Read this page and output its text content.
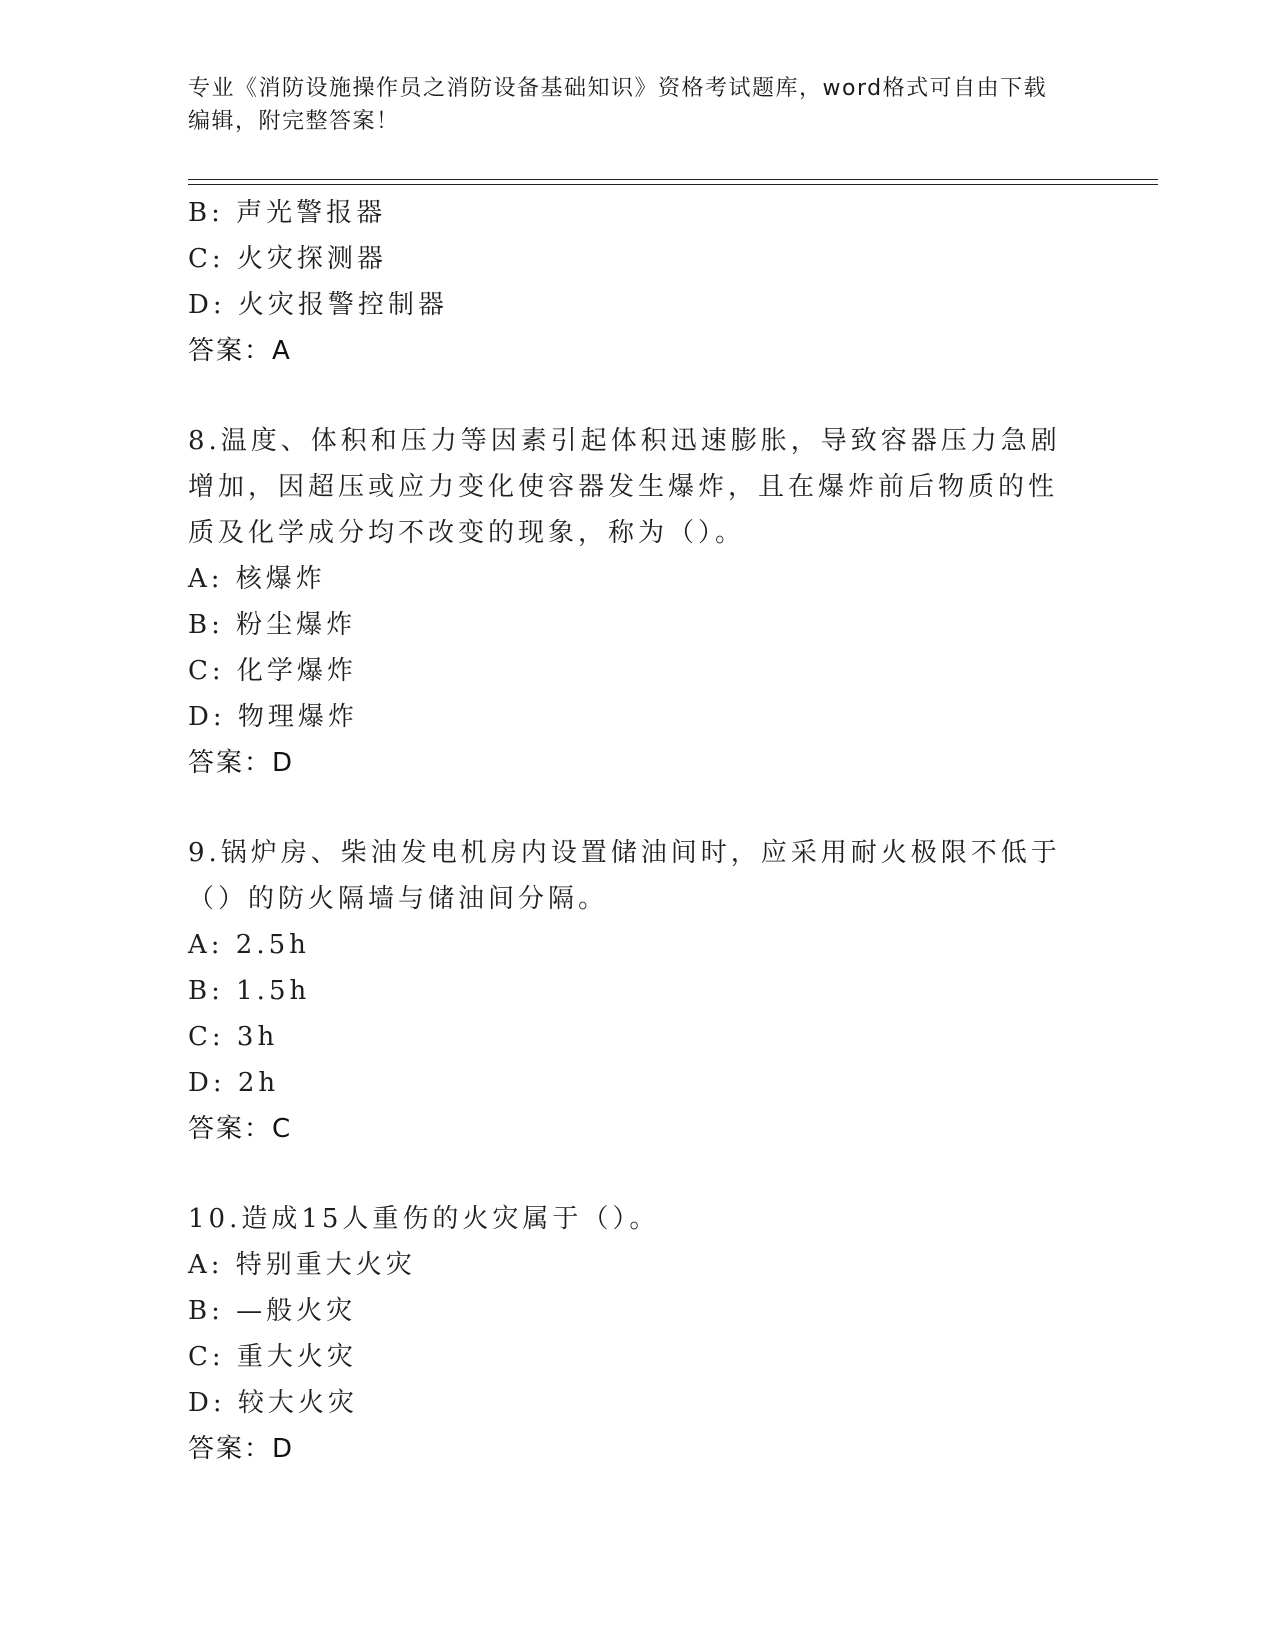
专业《消防设施操作员之消防设备基础知识》资格考试题库，word格式可自由下载编辑，附完整答案！

B: 声光警报器

C: 火灾探测器

D: 火灾报警控制器

答案：A

8.温度、体积和压力等因素引起体积迅速膨胀，导致容器压力急剧增加，因超压或应力变化使容器发生爆炸，且在爆炸前后物质的性质及化学成分均不改变的现象，称为（）。

A: 核爆炸

B: 粉尘爆炸

C: 化学爆炸

D: 物理爆炸

答案：D

9.锅炉房、柴油发电机房内设置储油间时，应采用耐火极限不低于（）的防火隔墙与储油间分隔。

A: 2.5h

B: 1.5h

C: 3h

D: 2h

答案：C

10.造成15人重伤的火灾属于（）。

A: 特别重大火灾

B: —般火灾

C: 重大火灾

D: 较大火灾

答案：D
